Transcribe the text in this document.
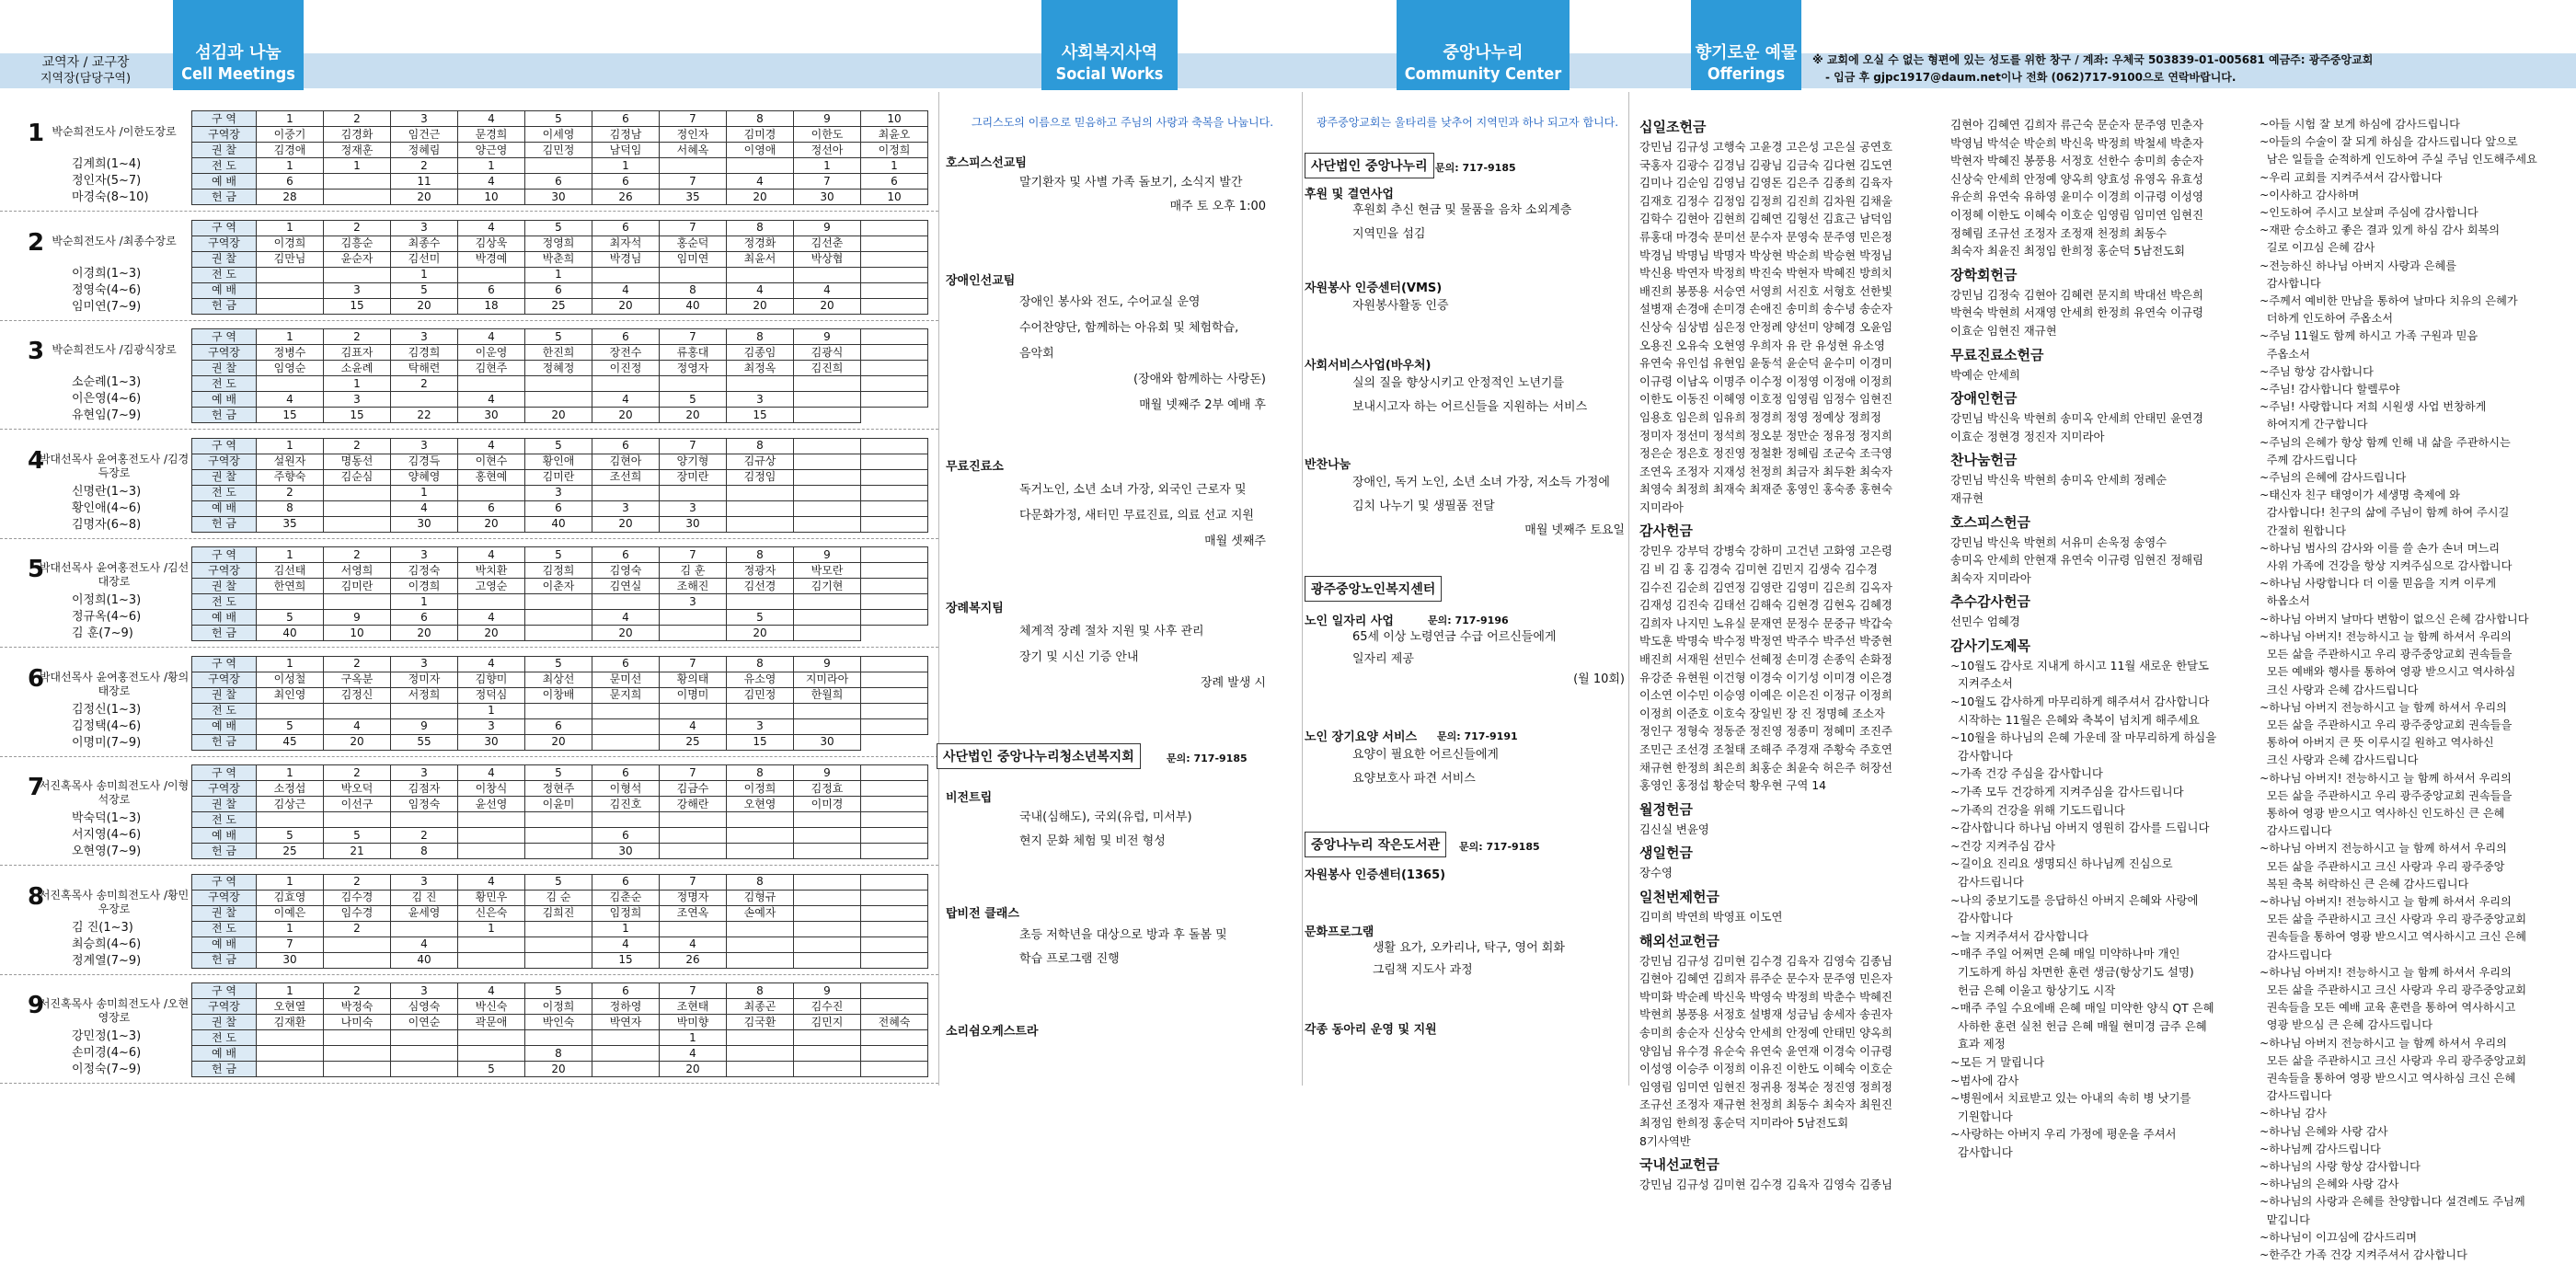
교역자 / 교구장
지역장(담당구역)
섬김과 나눔
Cell Meetings
사회복지사역
Social Works
중앙나누리
Community Center
향기로운 예물
Offerings
※ 교회에 오실 수 없는 형편에 있는 성도를 위한 창구 / 계좌: 우체국 503839-01-005681 예금주: 광주중앙교회
- 입금 후 gjpc1917@daum.net이나 전화 (062)717-9100으로 연락바랍니다.
1 박순희전도사 /이한도장로
김계희(1~4)
정인자(5~7)
마경숙(8~10)
구 역	1	2	3	4	5	6	7	8	9	10
구역장	이중기	김경화	임건근	문경희	이세영	김정남	정인자	김미경	이한도	최윤오
권 찰	김경애	정재훈	정혜림	양근영	김민정	남덕임	서혜옥	이영애	정선아	이정희
전 도	1	1	2	1		1			1	1
예 배	6		11	4	6	6	7	4	7	6
헌 금	28		20	10	30	26	35	20	30	10
2 박순희전도사 /최종수장로
이경희(1~3)
정영숙(4~6)
임미연(7~9)
구 역	1	2	3	4	5	6	7	8	9	
구역장	이경희	김흥순	최종수	김상욱	정영희	최자석	홍순덕	정경화	김선춘	
권 찰	김만님	윤순자	김선미	박경예	박춘희	박경님	임미연	최윤서	박상협	
전 도			1		1					
예 배		3	5	6	6	4	8	4	4	
헌 금		15	20	18	25	20	40	20	20	
3 박순희전도사 /김광식장로
소순례(1~3)
이은영(4~6)
유현임(7~9)
구 역	1	2	3	4	5	6	7	8	9	
구역장	정병수	김표자	김경희	이운영	한진희	장전수	류홍대	김종임	김광식	
권 찰	임영순	소윤례	탁해련	김현주	정혜정	이진정	정영자	최정옥	김진희	
전 도		1	2							
예 배	4	3		4		4	5	3		
헌 금	15	15	22	30	20	20	20	15		
4
박대선목사 윤여홍전도사 /김경득장로
신명란(1~3)
황인애(4~6)
김명자(6~8)
구 역	1	2	3	4	5	6	7	8		
구역장	설원자	명동선	김경득	이현수	황인애	김현아	양기형	김규상		
권 찰	주향숙	김순심	양혜영	홍현예	김미란	조선희	장미란	김정임		
전 도	2		1		3					
예 배	8		4	6	6	3	3			
헌 금	35		30	20	40	20	30			
5
박대선목사 윤여홍전도사 /김선대장로
이정희(1~3)
정규옥(4~6)
김 훈(7~9)
구 역	1	2	3	4	5	6	7	8	9	
구역장	김선태	서영희	김정숙	박치환	김정희	김영숙	김 훈	정광자	박모란	
권 찰	한연희	김미란	이경희	고영순	이춘자	김연실	조해진	김선경	김기현	
전 도			1				3			
예 배	5	9	6	4		4		5		
헌 금	40	10	20	20		20		20		
6
박대선목사 윤여홍전도사 /황의태장로
김정신(1~3)
김정택(4~6)
이명미(7~9)
구 역	1	2	3	4	5	6	7	8	9	
구역장	이성철	구옥분	정미자	김향미	최상선	문미선	황의태	유소영	지미라아	
권 찰	최인영	김정신	서정희	정덕심	이창배	문지희	이명미	김민정	한월희	
전 도				1						
예 배	5	4	9	3	6		4	3		
헌 금	45	20	55	30	20		25	15	30	
7
서진혹목사 송미희전도사 /이형석장로
박숙덕(1~3)
서지영(4~6)
오현영(7~9)
구 역	1	2	3	4	5	6	7	8	9	
구역장	소정섭	박오덕	김점자	이창식	정현주	이형석	김금수	이정희	김정효	
권 찰	김상근	이선구	임정숙	윤선영	이윤미	김진호	강해란	오현영	이미경	
전 도										
예 배	5	5	2			6				
헌 금	25	21	8			30				
8
서진혹목사 송미희전도사 /황민우장로
김 진(1~3)
최승희(4~6)
정계열(7~9)
구 역	1	2	3	4	5	6	7	8		
구역장	김효영	김수경	김 진	황민우	김 순	김춘순	정명자	김형규		
권 찰	이예은	임수경	윤세영	신은숙	김희진	임정희	조연옥	손예자		
전 도	1	2		1		1				
예 배	7		4			4	4			
헌 금	30		40			15	26			
9
서진혹목사 송미희전도사 /오현영장로
강민정(1~3)
손미경(4~6)
이정숙(7~9)
구 역	1	2	3	4	5	6	7	8	9	
구역장	오현열	박정숙	심영숙	박신숙	이정희	정하영	조현태	최종곤	김수진	
권 찰	김재환	나미숙	이연순	곽문애	박인숙	박연자	박미향	김국환	김민지	전혜숙
전 도							1			
예 배					8		4			
헌 금				5	20		20			
그리스도의 이름으로 믿음하고 주님의 사랑과 축복을 나눕니다.
호스피스선교팀
말기환자 및 사별 가족 돌보기, 소식지 발간
매주 토 오후 1:00
장애인선교팀
장애인 봉사와 전도, 수어교실 운영
수어찬양단, 함께하는 아유회 및 체험학습,
음악회
(장애와 함께하는 사랑돈)
매월 넷째주 2부 예배 후
무료진료소
독거노인, 소년 소녀 가장, 외국인 근로자 및
다문화가정, 새터민 무료진료, 의료 선교 지원
매월 셋째주
장례복지팀
체계적 장례 절차 지원 및 사후 관리
장기 및 시신 기증 안내
장례 발생 시
사단법인 중앙나누리청소년복지회	문의: 717-9185
비전트립
국내(심해도), 국외(유럽, 미서부)
현지 문화 체험 및 비전 형성
탑비전 클래스
초등 저학년을 대상으로 방과 후 돌봄 및
학습 프로그램 진행
소리쉼오케스트라
광주중앙교회는 울타리를 낮추어 지역민과 하나 되고자 합니다.
사단법인 중앙나누리 문의: 717-9185
후원 및 결연사업
후원회 추신 현금 및 물품을 음차 소외계층
지역민을 섬김
자원봉사 인증센터(VMS)
자원봉사활동 인증
사회서비스사업(바우처)
실의 질을 향상시키고 안정적인 노년기를
보내시고자 하는 어르신들을 지원하는 서비스
반찬나눔
장애인, 독거 노인, 소년 소녀 가장, 저소득 가정에
김치 나누기 및 생필품 전달
매월 넷째주 토요일
광주중앙노인복지센터
노인 일자리 사업	문의: 717-9196
65세 이상 노령연금 수급 어르신들에게
일자리 제공
(월 10회)
노인 장기요양 서비스 문의: 717-9191
요양이 필요한 어르신들에게
요양보호사 파견 서비스
중앙나누리 작은도서관	문의: 717-9185
자원봉사 인증센터(1365)
문화프로그램
생활 요가, 오카리나, 탁구, 영어 회화
그림책 지도사 과정
각종 동아리 운영 및 지원
십일조헌금
강민님 김규성 고행숙 고윤경 고은성 고은실 공연호
국홍자 김광수 김경님 김광님 김금숙 김다현 김도연
김미나 김순임 김영님 김영돈 김은주 김종희 김육자
김재호 김정수 김정임 김정희 김진희 김차원 김채울
김학수 김현아 김현희 김혜연 김형선 김효근 남덕임
류홍대 마경숙 문미선 문수자 문영숙 문주영 민은정
박경님 박명님 박명자 박상현 박순희 박승현 박정님
박신용 박연자 박정희 박진숙 박현자 박혜진 방희치
배진희 봉풍용 서승연 서영희 서진호 서형호 선한빛
설병재 손경애 손미경 손애진 송미희 송수녕 송순자
신상숙 심상범 심은정 안정례 양선미 양혜경 오윤임
오용진 오유숙 오현영 우희자 유 란 유성현 유소영
유연숙 유인섭 유현임 윤동석 윤순덕 윤수미 이경미
이규령 이남옥 이명주 이수정 이정영 이정애 이정희
이한도 이동진 이혜영 이호정 임영림 임정수 임현진
임용호 임은희 임유희 정경희 정영 정예상 정희정
정미자 정선미 정석희 정오분 정만순 정유정 정지희
정은순 정은호 정진영 정철환 정혜림 조군숙 조극영
조연옥 조정자 지재성 천정희 최금자 최두환 최숙자
최영숙 최정희 최재숙 최재준 홍영인 홍숙종 홍현숙
지미라아
감사헌금
강민우 강부덕 강병숙 강하미 고건년 고화영 고은령
김 비 김 홍 김경숙 김미현 김민지 김생숙 김수경
김수진 김순희 김연정 김영란 김영미 김은희 김옥자
김재성 김진숙 김태선 김해숙 김현경 김현옥 김혜경
김희자 나지민 노유실 문재연 문정수 문중규 박갑숙
박도훈 박명숙 박수정 박정연 박주수 박주선 박중현
배진희 서재원 선민수 선혜정 손미경 손종익 손화정
유강준 유현원 이건형 이경숙 이기성 이미경 이은경
이소연 이수민 이승영 이예은 이은진 이정규 이정희
이정희 이준호 이호숙 장일빈 장 진 정명혜 조소자
정인구 정형숙 정동준 정진영 정종미 정혜미 조진주
조민근 조선경 조철태 조해주 주경재 주황숙 주호연
채규현 한정희 최은희 최홍순 최윤숙 허은주 허장선
홍영인 홍정섭 황순덕 황우현 구역 14
월정헌금
김신실 변윤영
생일헌금
장수영
일천번제헌금
김미희 박연희 박영표 이도연
해외선교헌금
강민님 김규성 김미현 김수경 김육자 김영숙 김종님
김현아 김혜연 김희자 류주순 문수자 문주영 민은자
박미화 박순례 박신욱 박영숙 박정희 박춘수 박혜진
박현희 봉풍용 서정호 설병재 성금님 송세자 송권자
송미희 송순자 신상숙 안세희 안정예 안태민 양옥희
양임님 유수경 유순숙 유연숙 윤연재 이경숙 이규령
이성영 이승주 이정희 이유진 이한도 이혜숙 이호순
임영림 임미연 임현진 정귀용 정복순 정진영 정희정
조규선 조정자 재규현 천정희 최동수 최숙자 최원진
최정임 한희정 홍순덕 지미라아 5남전도회
8기사역반
국내선교헌금
강민님 김규성 김미현 김수경 김육자 김영숙 김종님
김현아 김혜연 김희자 류근숙 문순자 문주영 민춘자
박영님 박석순 박순희 박신욱 박정희 박철세 박춘자
박현자 박혜진 봉풍용 서정호 선한수 송미희 송순자
신상숙 안세희 안정예 양옥희 양효성 유영옥 유효성
유순희 유연숙 유하영 윤미수 이경희 이규령 이성영
이정혜 이한도 이혜숙 이호순 임영림 임미연 임현진
정혜림 조규선 조정자 조정재 천정희 최동수
최숙자 최윤진 최정임 한희정 홍순덕 5남전도회
장학회헌금
강민님 김정숙 김현아 김혜련 문지희 박대선 박은희
박현숙 박현희 서재영 안세희 한정희 유연숙 이규령
이효순 임현진 재규현
무료진료소헌금
박예순 안세희
장애인헌금
강민님 박신욱 박현희 송미옥 안세희 안태민 윤연경
이효순 정현경 정진자 지미라아
찬나눔헌금
강민님 박신욱 박현희 송미옥 안세희 정례순
재규현
호스피스헌금
강민님 박신욱 박현희 서유미 손욱정 송영수
송미옥 안세희 안현재 유연숙 이규령 임현진 정해림
최숙자 지미라아
추수감사헌금
선민수 엄혜경
감사기도제목
~10월도 감사로 지내게 하시고 11월 새로운 한달도
지켜주소서
~10월도 감사하게 마무리하게 해주셔서 감사합니다
시작하는 11월은 은혜와 축복이 넘치게 해주세요
~10월을 하나님의 은혜 가운데 잘 마무리하게 하심을
감사합니다
~가족 건강 주심을 감사합니다
~가족 모두 건강하게 지켜주심을 감사드립니다
~가족의 건강을 위해 기도드립니다
~감사합니다 하나님 아버지 영원히 감사를 드립니다
~건강 지켜주심 감사
~길이요 진리요 생명되신 하나님께 진심으로
감사드립니다
~나의 중보기도를 응답하신 아버지 은혜와 사랑에
감사합니다
~늘 지켜주셔서 감사합니다
~매주 주일 어쩌면 은혜 매일 미약하나마 개인
기도하게 하심 차면한 훈련 생금(항상기도 설명)
헌금 은혜 이울고 항상기도 시작
~매주 주일 수요에배 은혜 매일 미약한 양식 QT 은혜
사하한 훈련 실천 헌금 은혜 매월 현미경 금주 은혜
효과 제정
~모든 거 말립니다
~범사에 감사
~병원에서 치료받고 있는 아내의 속히 병 낫기를
기원합니다
~사랑하는 아버지 우리 가정에 평운을 주셔서
감사합니다
~아들 시험 잘 보게 하심에 감사드립니다
~아들의 수술이 잘 되게 하심을 감사드립니다 앞으로
남은 일들을 순적하게 인도하여 주실 주님 인도해주세요
~우리 교회를 지켜주셔서 감사합니다
~이사하고 감사하며
~인도하여 주시고 보살펴 주심에 감사합니다
~재판 승소하고 좋은 결과 있게 하심 감사 회복의
길로 이끄심 은혜 감사
~전능하신 하나님 아버지 사랑과 은혜를
감사합니다
~주께서 예비한 만남을 통하여 날마다 치유의 은혜가
더하게 인도하여 주옵소서
~주님 11월도 함께 하시고 가족 구원과 믿음
주옵소서
~주님 항상 감사합니다
~주님! 감사합니다 할렐루야
~주님! 사랑합니다 저희 시원생 사업 번창하게
하여지게 간구합니다
~주님의 은혜가 항상 함께 인해 내 삶을 주관하시는
주께 감사드립니다
~주님의 은혜에 감사드립니다
~태신자 친구 태영이가 세생명 축제에 와
감사합니다! 친구의 삶에 주님이 함께 하여 주시길
간절히 원합니다
~하나님 범사의 감사와 이를 쓸 손가 손녀 며느리
사위 가족에 건강을 항상 지켜주심으로 감사합니다
~하나님 사랑합니다 더 이룰 믿음을 지켜 이루게
하옵소서
~하나님 아버지 날마다 변함이 없으신 은혜 감사합니다
~하나님 아버지! 전능하시고 늘 함께 하셔서 우리의
모든 삶을 주관하시고 우리 광주중앙교회 권속들을
모든 예배와 행사를 통하여 영광 받으시고 역사하심
크신 사랑과 은혜 감사드립니다
~하나님 아버지 전능하시고 늘 함께 하셔서 우리의
모든 삶을 주관하시고 우리 광주중앙교회 권속들을
통하여 아버지 큰 뜻 이루시길 원하고 역사하신
크신 사랑과 은혜 감사드립니다
~하나님 아버지! 전능하시고 늘 함께 하셔서 우리의
모든 삶을 주관하시고 우리 광주중앙교회 권속들을
통하여 영광 받으시고 역사하신 인도하신 큰 은혜
감사드립니다
~하나님 아버지 전능하시고 늘 함께 하셔서 우리의
모든 삶을 주관하시고 크신 사랑과 우리 광주중앙
복된 축복 허락하신 큰 은혜 감사드립니다
~하나님 아버지! 전능하시고 늘 함께 하셔서 우리의
모든 삶을 주관하시고 크신 사랑과 우리 광주중앙교회
권속들을 통하여 영광 받으시고 역사하시고 크신 은혜
감사드립니다
~하나님 아버지! 전능하시고 늘 함께 하셔서 우리의
모든 삶을 주관하시고 크신 사랑과 우리 광주중앙교회
권속들을 모든 예배 교육 훈련을 통하여 역사하시고
영광 받으심 큰 은혜 감사드립니다
~하나님 아버지 전능하시고 늘 함께 하셔서 우리의
모든 삶을 주관하시고 크신 사랑과 우리 광주중앙교회
권속들을 통하여 영광 받으시고 역사하심 크신 은혜
감사드립니다
~하나님 감사
~하나님 은혜와 사랑 감사
~하나님께 감사드립니다
~하나님의 사랑 항상 감사합니다
~하나님의 은혜와 사랑 감사
~하나님의 사랑과 은혜를 찬양합니다 설견례도 주님께
맡깁니다
~하나님이 이끄심에 감사드리며
~한주간 가족 건강 지켜주셔서 감사합니다
